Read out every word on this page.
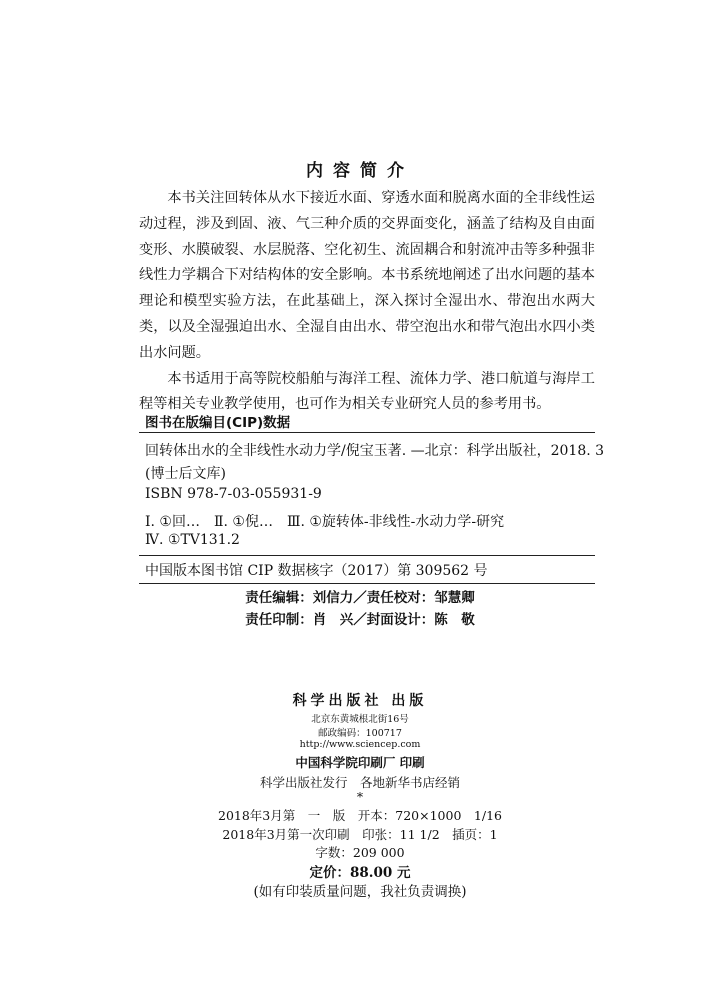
内容简介

本书关注回转体从水下接近水面、穿透水面和脱离水面的全非线性运动过程，涉及到固、液、气三种介质的交界面变化，涵盖了结构及自由面变形、水膜破裂、水层脱落、空化初生、流固耦合和射流冲击等多种强非线性力学耦合下对结构体的安全影响。本书系统地阐述了出水问题的基本理论和模型实验方法，在此基础上，深入探讨全湿出水、带泡出水两大类，以及全湿强迫出水、全湿自由出水、带空泡出水和带气泡出水四小类出水问题。

本书适用于高等院校船舶与海洋工程、流体力学、港口航道与海岸工程等相关专业教学使用，也可作为相关专业研究人员的参考用书。

图书在版编目(CIP)数据
回转体出水的全非线性水动力学/倪宝玉著. —北京：科学出版社，2018. 3
(博士后文库)
ISBN 978-7-03-055931-9
Ⅰ. ①回…　Ⅱ. ①倪…　Ⅲ. ①旋转体-非线性-水动力学-研究
Ⅳ. ①TV131.2
中国版本图书馆 CIP 数据核字（2017）第 309562 号
责任编辑：刘信力／责任校对：邹慧卿
责任印制：肖　兴／封面设计：陈　敬
科学出版社 出版
北京东黄城根北街16号
邮政编码：100717
http://www.sciencep.com
中国科学院印刷厂 印刷
科学出版社发行　各地新华书店经销
*
2018年3月第　一　版　开本：720×1000　1/16
2018年3月第一次印刷　印张：11 1/2　插页：1
字数：209 000
定价：88.00 元
(如有印装质量问题，我社负责调换)
